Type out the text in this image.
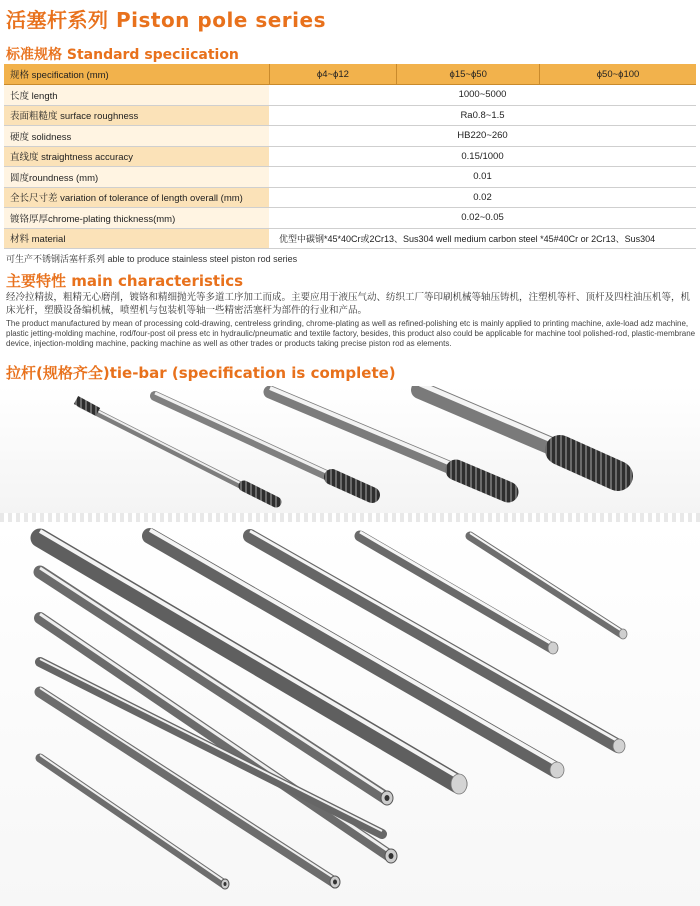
活塞杆系列 Piston pole series
标准规格 Standard speciication
规格 specification (mm)	ϕ4~ϕ12	ϕ15~ϕ50	ϕ50~ϕ100
长度 length	1000~5000		
表面粗糙度 surface roughness	Ra0.8~1.5		
硬度 solidness	HB220~260		
直线度 straightness accuracy	0.15/1000		
圆度roundness (mm)	0.01		
全长尺寸差 variation of tolerance of length overall (mm)	0.02		
镀铬厚厚chrome-plating thickness(mm)	0.02~0.05		
材料 material	优型中碳钢*45*40Cr或2Cr13、Sus304 well medium carbon steel *45#40Cr or 2Cr13、Sus304		
可生产不锈钢活塞杆系列 able to produce stainless steel piston rod series
主要特性 main characteristics
经冷拉精拔，粗精无心磨削，镀铬和精细抛光等多道工序加工而成。主要应用于液压气动、纺织工厂等印刷机械等轴压铸机，注塑机等杆、顶杆及四柱油压机等，机床光杆，塑膜设备编机械，喷塑机与包装机等轴一些精密活塞杆为部件的行业和产品。
The product manufactured by mean of processing cold-drawing, centreless grinding, chrome-plating as well as refined-polishing etc is mainly applied to printing machine, axle-load adz machine, plastic jetting-molding machine, rod/four-post oil press etc in hydraulic/pneumatic and textile factory, besides, this product also could be applicable for machine tool polished-rod, plastic-membrane device, injection-molding machine, packing machine as well as other trades or products taking precise piston rod as elements.
拉杆(规格齐全)tie-bar (specification is complete)
